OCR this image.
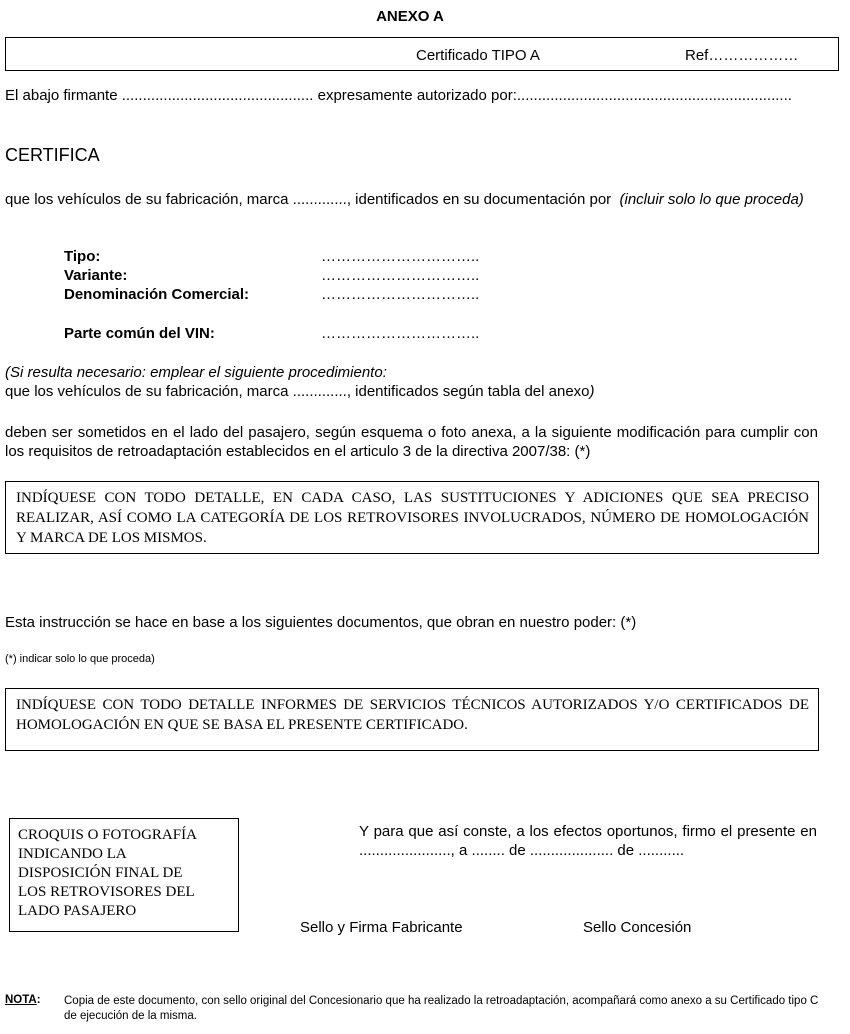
ANEXO A
Certificado TIPO A	Ref………………
El abajo firmante .............................................. expresamente autorizado por:..................................................................
CERTIFICA
que los vehículos de su fabricación, marca ............., identificados en su documentación por (incluir solo lo que proceda)
Tipo:	…………………………..
Variante:	…………………………..
Denominación Comercial:	…………………………..
Parte común del VIN:	…………………………..
(Si resulta necesario: emplear el siguiente procedimiento:
que los vehículos de su fabricación, marca ............., identificados según tabla del anexo)
deben ser sometidos en el lado del pasajero, según esquema o foto anexa, a la siguiente modificación para cumplir con los requisitos de retroadaptación establecidos en el articulo 3 de la directiva 2007/38: (*)
INDÍQUESE CON TODO DETALLE, EN CADA CASO, LAS SUSTITUCIONES Y ADICIONES QUE SEA PRECISO REALIZAR, ASÍ COMO LA CATEGORÍA DE LOS RETROVISORES INVOLUCRADOS, NÚMERO DE HOMOLOGACIÓN Y MARCA DE LOS MISMOS.
Esta instrucción se hace en base a los siguientes documentos, que obran en nuestro poder: (*)
(*) indicar solo lo que proceda)
INDÍQUESE CON TODO DETALLE INFORMES DE SERVICIOS TÉCNICOS AUTORIZADOS Y/O CERTIFICADOS DE HOMOLOGACIÓN EN QUE SE BASA EL PRESENTE CERTIFICADO.
CROQUIS O FOTOGRAFÍA
INDICANDO LA
DISPOSICIÓN FINAL DE
LOS RETROVISORES DEL
LADO PASAJERO
Y para que así conste, a los efectos oportunos, firmo el presente en ......................, a ........ de .................... de ...........
Sello y Firma Fabricante	Sello Concesión
NOTA: Copia de este documento, con sello original del Concesionario que ha realizado la retroadaptación, acompañará como anexo a su Certificado tipo C de ejecución de la misma.
